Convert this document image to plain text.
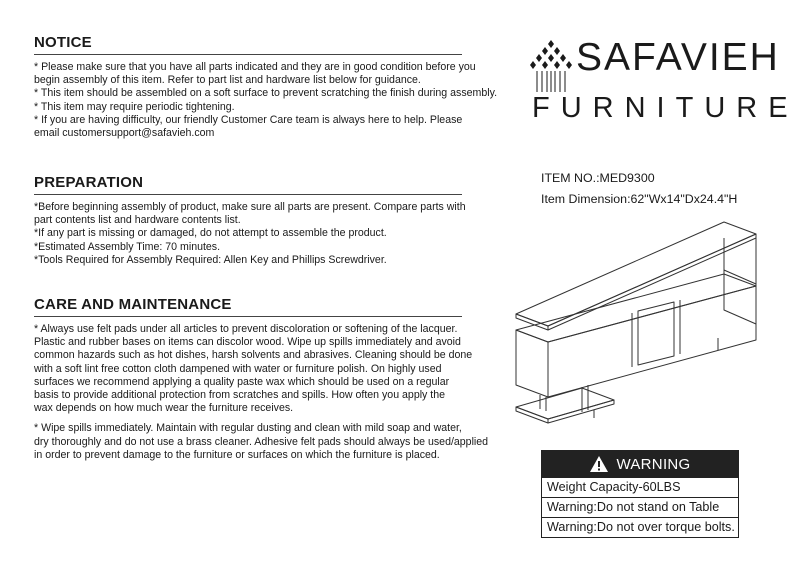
NOTICE
* Please make sure that you have all parts indicated and they are in good condition before you
begin assembly of this item. Refer to part list and hardware list below for guidance.
* This item should be assembled on a soft surface to prevent scratching the finish during assembly.
* This item may require periodic tightening.
* If you are having difficulty, our friendly Customer Care team is always here to help. Please
email customersupport@safavieh.com
PREPARATION
*Before beginning assembly of product, make sure all parts are present. Compare parts with
part contents list and hardware contents list.
*If any part is missing or damaged, do not attempt to assemble the product.
*Estimated Assembly Time: 70 minutes.
*Tools Required for Assembly Required: Allen Key and Phillips Screwdriver.
CARE AND MAINTENANCE
* Always use felt pads under all articles to prevent discoloration or softening of the lacquer.
Plastic and rubber bases on items can discolor wood. Wipe up spills immediately and avoid
common hazards such as hot dishes, harsh solvents and abrasives. Cleaning should be done
with a soft lint free cotton cloth dampened with water or furniture polish. On highly used
surfaces we recommend applying a quality paste wax which should be used on a regular
basis to provide additional protection from scratches and spills. How often you apply the
wax depends on how much wear the furniture receives.
* Wipe spills immediately. Maintain with regular dusting and clean with mild soap and water,
dry thoroughly and do not use a brass cleaner. Adhesive felt pads should always be used/applied
in order to prevent damage to the furniture or surfaces on which the furniture is placed.
SAFAVIEH
FURNITURE
ITEM NO.:MED9300
Item Dimension:62"Wx14"Dx24.4"H
WARNING
Weight Capacity-60LBS
Warning:Do not stand on Table
Warning:Do not over torque bolts.
